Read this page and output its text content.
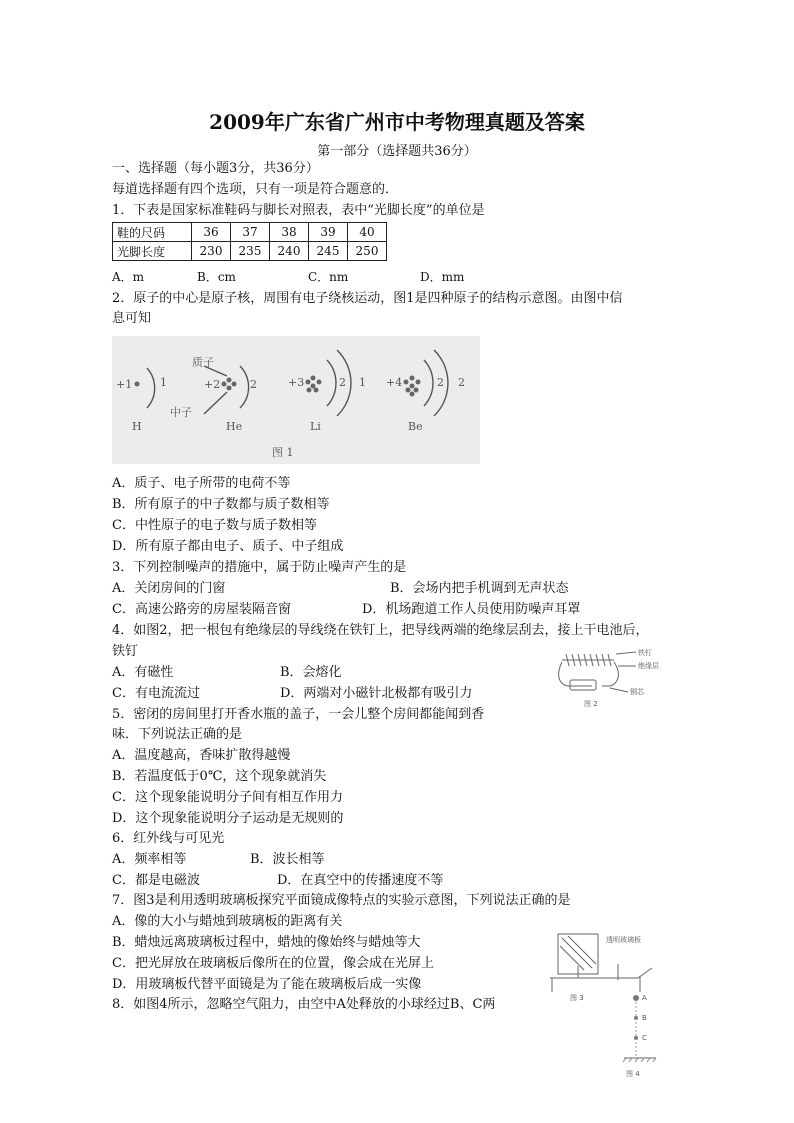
2009年广东省广州市中考物理真题及答案
第一部分（选择题共36分）
一、选择题（每小题3分，共36分）
每道选择题有四个选项，只有一项是符合题意的．
1．下表是国家标准鞋码与脚长对照表，表中“光脚长度”的单位是
鞋的尺码	36	37	38	39	40
光脚长度	230	235	240	245	250
A．m	B．cm	C．nm	D．mm
2．原子的中心是原子核，周围有电子绕核运动，图1是四种原子的结构示意图。由图中信
息可知
+1	1	+2	2	+3	2 1 +4	2 2
质子
中子
H	He	Li	Be
图 1
A．质子、电子所带的电荷不等
B．所有原子的中子数都与质子数相等
C．中性原子的电子数与质子数相等
D．所有原子都由电子、质子、中子组成
3．下列控制噪声的措施中，属于防止噪声产生的是
A．关闭房间的门窗	B．会场内把手机调到无声状态
C．高速公路旁的房屋装隔音窗	D．机场跑道工作人员使用防噪声耳罩
4．如图2，把一根包有绝缘层的导线绕在铁钉上，把导线两端的绝缘层刮去，接上干电池后，
铁钉
A．有磁性	B．会熔化
C．有电流流过	D．两端对小磁针北极都有吸引力
铁钉
绝缘层
铜芯
图 2
5．密闭的房间里打开香水瓶的盖子，一会儿整个房间都能闻到香
味．下列说法正确的是
A．温度越高，香味扩散得越慢
B．若温度低于0℃，这个现象就消失
C．这个现象能说明分子间有相互作用力
D．这个现象能说明分子运动是无规则的
6．红外线与可见光
A．频率相等	B．波长相等
C．都是电磁波	D．在真空中的传播速度不等
7．图3是利用透明玻璃板探究平面镜成像特点的实验示意图，下列说法正确的是
A．像的大小与蜡烛到玻璃板的距离有关
B．蜡烛远离玻璃板过程中，蜡烛的像始终与蜡烛等大
C．把光屏放在玻璃板后像所在的位置，像会成在光屏上
D．用玻璃板代替平面镜是为了能在玻璃板后成一实像
透明玻璃板
图 3
8．如图4所示，忽略空气阻力，由空中A处释放的小球经过B、C两	A
B
C
图 4
